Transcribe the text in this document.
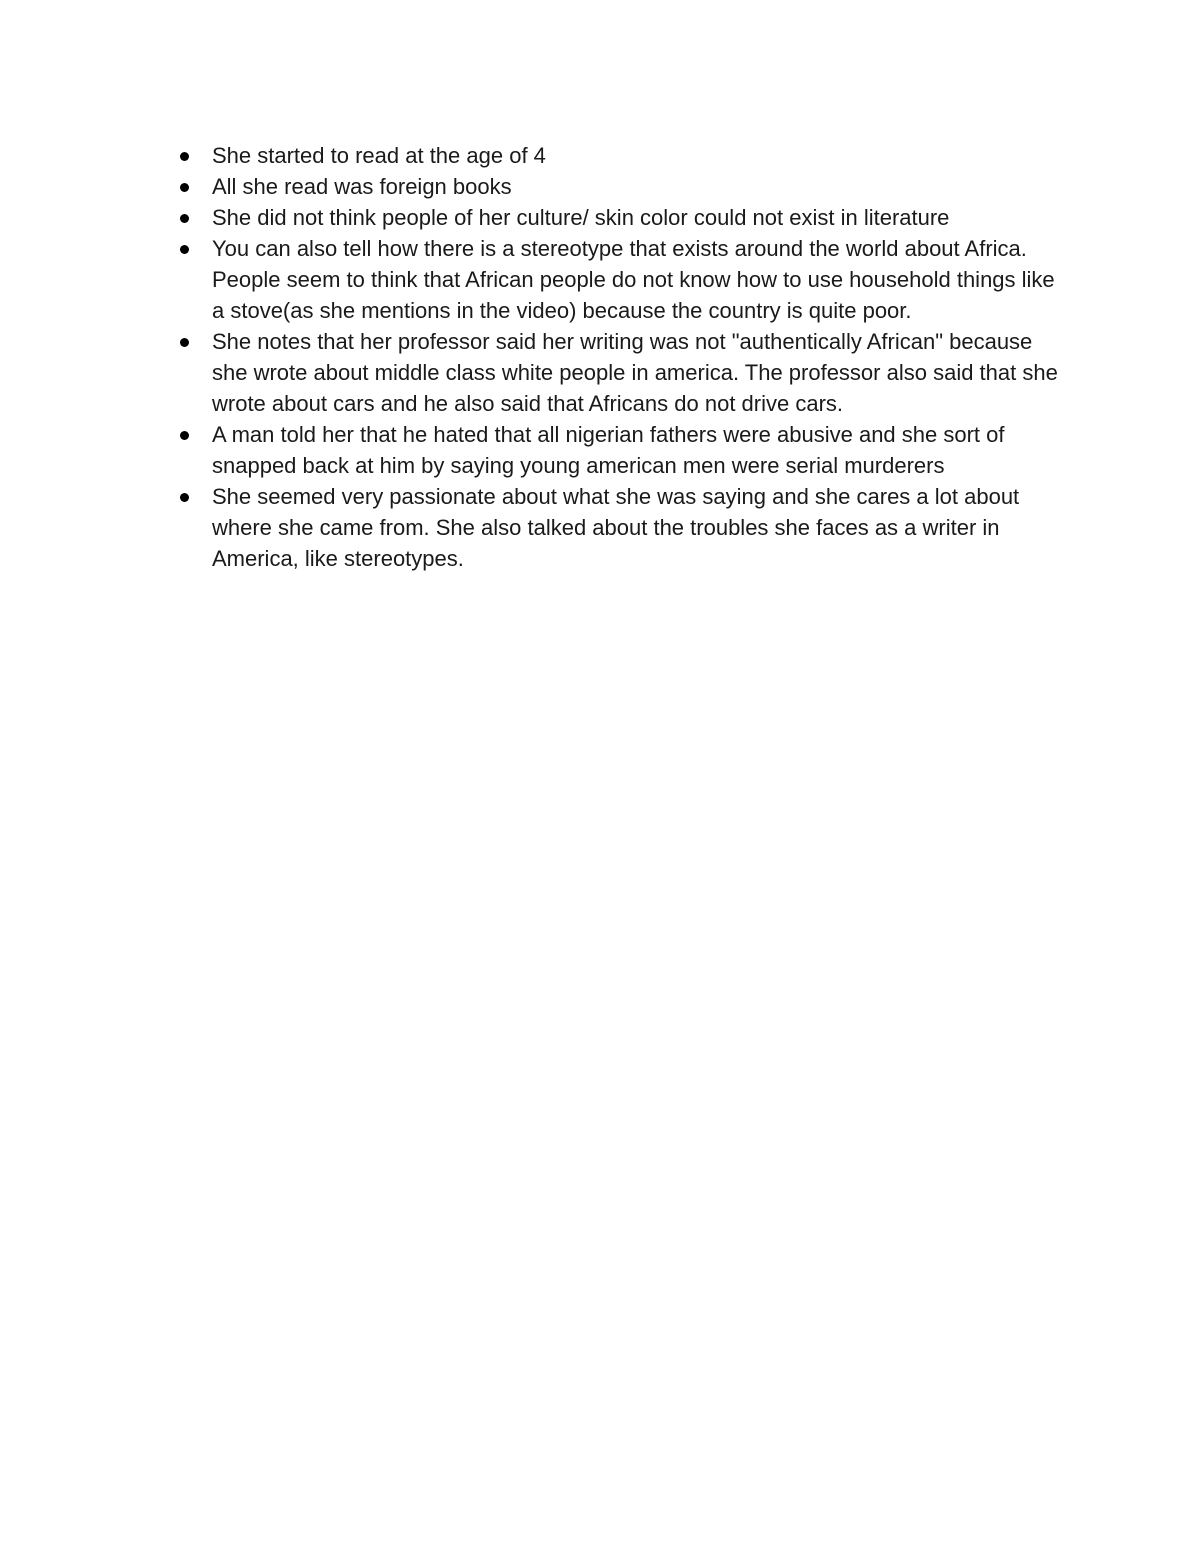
She started to read at the age of 4
All she read was foreign books
She did not think people of her culture/ skin color could not exist in literature
You can also tell how there is a stereotype that exists around the world about Africa. People seem to think that African people do not know how to use household things like a stove(as she mentions in the video) because the country is quite poor.
She notes that her professor said her writing was not "authentically African" because she wrote about middle class white people in america. The professor also said that she wrote about cars and he also said that Africans do not drive cars.
A man told her that he hated that all nigerian fathers were abusive and she sort of snapped back at him by saying young american men were serial murderers
She seemed very passionate about what she was saying and she cares a lot about where she came from. She also talked about the troubles she faces as a writer in America, like stereotypes.
